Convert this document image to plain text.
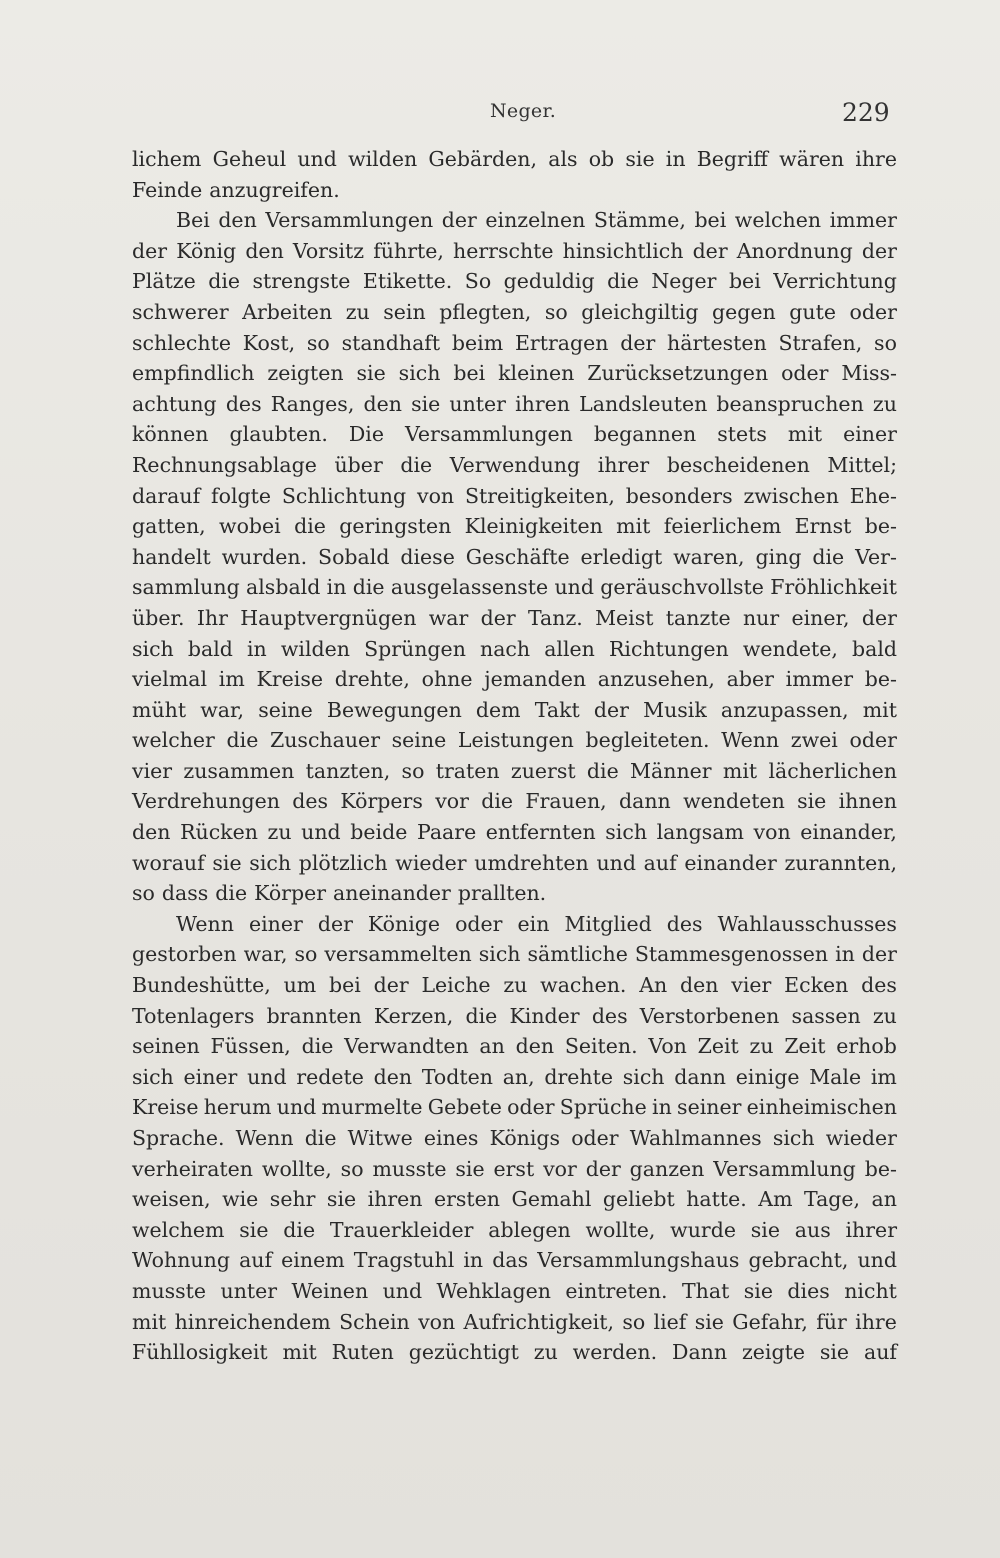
Neger.	229
lichem Geheul und wilden Gebärden, als ob sie in Begriff wären ihre
Feinde anzugreifen.
Bei den Versammlungen der einzelnen Stämme, bei welchen immer
der König den Vorsitz führte, herrschte hinsichtlich der Anordnung der
Plätze die strengste Etikette. So geduldig die Neger bei Verrichtung
schwerer Arbeiten zu sein pflegten, so gleichgiltig gegen gute oder
schlechte Kost, so standhaft beim Ertragen der härtesten Strafen, so
empfindlich zeigten sie sich bei kleinen Zurücksetzungen oder Miss-
achtung des Ranges, den sie unter ihren Landsleuten beanspruchen zu
können glaubten. Die Versammlungen begannen stets mit einer
Rechnungsablage über die Verwendung ihrer bescheidenen Mittel;
darauf folgte Schlichtung von Streitigkeiten, besonders zwischen Ehe-
gatten, wobei die geringsten Kleinigkeiten mit feierlichem Ernst be-
handelt wurden. Sobald diese Geschäfte erledigt waren, ging die Ver-
sammlung alsbald in die ausgelassenste und geräuschvollste Fröhlichkeit
über. Ihr Hauptvergnügen war der Tanz. Meist tanzte nur einer, der
sich bald in wilden Sprüngen nach allen Richtungen wendete, bald
vielmal im Kreise drehte, ohne jemanden anzusehen, aber immer be-
müht war, seine Bewegungen dem Takt der Musik anzupassen, mit
welcher die Zuschauer seine Leistungen begleiteten. Wenn zwei oder
vier zusammen tanzten, so traten zuerst die Männer mit lächerlichen
Verdrehungen des Körpers vor die Frauen, dann wendeten sie ihnen
den Rücken zu und beide Paare entfernten sich langsam von einander,
worauf sie sich plötzlich wieder umdrehten und auf einander zurannten,
so dass die Körper aneinander prallten.
Wenn einer der Könige oder ein Mitglied des Wahlausschusses
gestorben war, so versammelten sich sämtliche Stammesgenossen in der
Bundeshütte, um bei der Leiche zu wachen. An den vier Ecken des
Totenlagers brannten Kerzen, die Kinder des Verstorbenen sassen zu
seinen Füssen, die Verwandten an den Seiten. Von Zeit zu Zeit erhob
sich einer und redete den Todten an, drehte sich dann einige Male im
Kreise herum und murmelte Gebete oder Sprüche in seiner einheimischen
Sprache. Wenn die Witwe eines Königs oder Wahlmannes sich wieder
verheiraten wollte, so musste sie erst vor der ganzen Versammlung be-
weisen, wie sehr sie ihren ersten Gemahl geliebt hatte. Am Tage, an
welchem sie die Trauerkleider ablegen wollte, wurde sie aus ihrer
Wohnung auf einem Tragstuhl in das Versammlungshaus gebracht, und
musste unter Weinen und Wehklagen eintreten. That sie dies nicht
mit hinreichendem Schein von Aufrichtigkeit, so lief sie Gefahr, für ihre
Fühllosigkeit mit Ruten gezüchtigt zu werden. Dann zeigte sie auf
